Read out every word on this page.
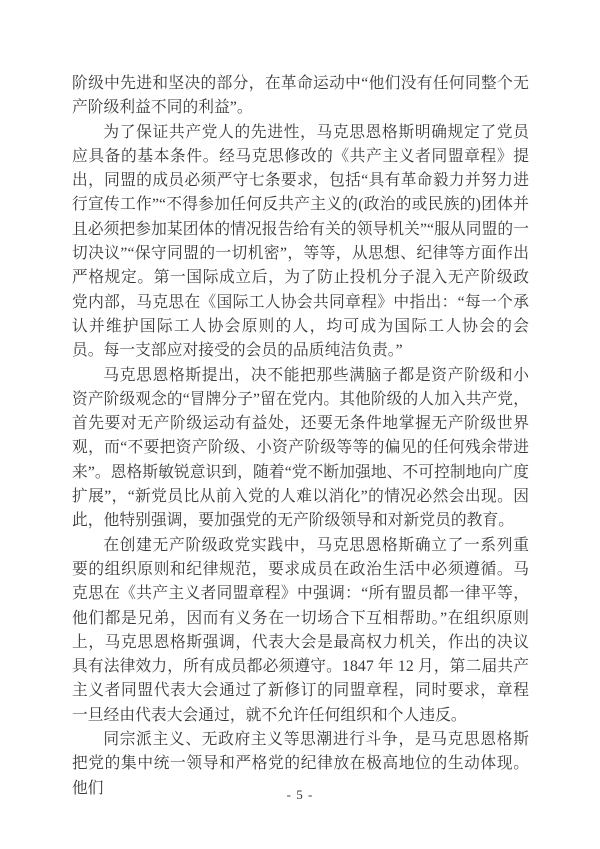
阶级中先进和坚决的部分，在革命运动中“他们没有任何同整个无产阶级利益不同的利益”。

为了保证共产党人的先进性，马克思恩格斯明确规定了党员应具备的基本条件。经马克思修改的《共产主义者同盟章程》提出，同盟的成员必须严守七条要求，包括“具有革命毅力并努力进行宣传工作”“不得参加任何反共产主义的(政治的或民族的)团体并且必须把参加某团体的情况报告给有关的领导机关”“服从同盟的一切决议”“保守同盟的一切机密”，等等，从思想、纪律等方面作出严格规定。第一国际成立后，为了防止投机分子混入无产阶级政党内部，马克思在《国际工人协会共同章程》中指出：“每一个承认并维护国际工人协会原则的人，均可成为国际工人协会的会员。每一支部应对接受的会员的品质纯洁负责。”

马克思恩格斯提出，决不能把那些满脑子都是资产阶级和小资产阶级观念的“冒牌分子”留在党内。其他阶级的人加入共产党，首先要对无产阶级运动有益处，还要无条件地掌握无产阶级世界观，而“不要把资产阶级、小资产阶级等等的偏见的任何残余带进来”。恩格斯敏锐意识到，随着“党不断加强地、不可控制地向广度扩展”，“新党员比从前入党的人难以消化”的情况必然会出现。因此，他特别强调，要加强党的无产阶级领导和对新党员的教育。

在创建无产阶级政党实践中，马克思恩格斯确立了一系列重要的组织原则和纪律规范，要求成员在政治生活中必须遵循。马克思在《共产主义者同盟章程》中强调：“所有盟员都一律平等，他们都是兄弟，因而有义务在一切场合下互相帮助。”在组织原则上，马克思恩格斯强调，代表大会是最高权力机关，作出的决议具有法律效力，所有成员都必须遵守。1847 年 12 月，第二届共产主义者同盟代表大会通过了新修订的同盟章程，同时要求，章程一旦经由代表大会通过，就不允许任何组织和个人违反。

同宗派主义、无政府主义等思潮进行斗争，是马克思恩格斯把党的集中统一领导和严格党的纪律放在极高地位的生动体现。他们	- 5 -
